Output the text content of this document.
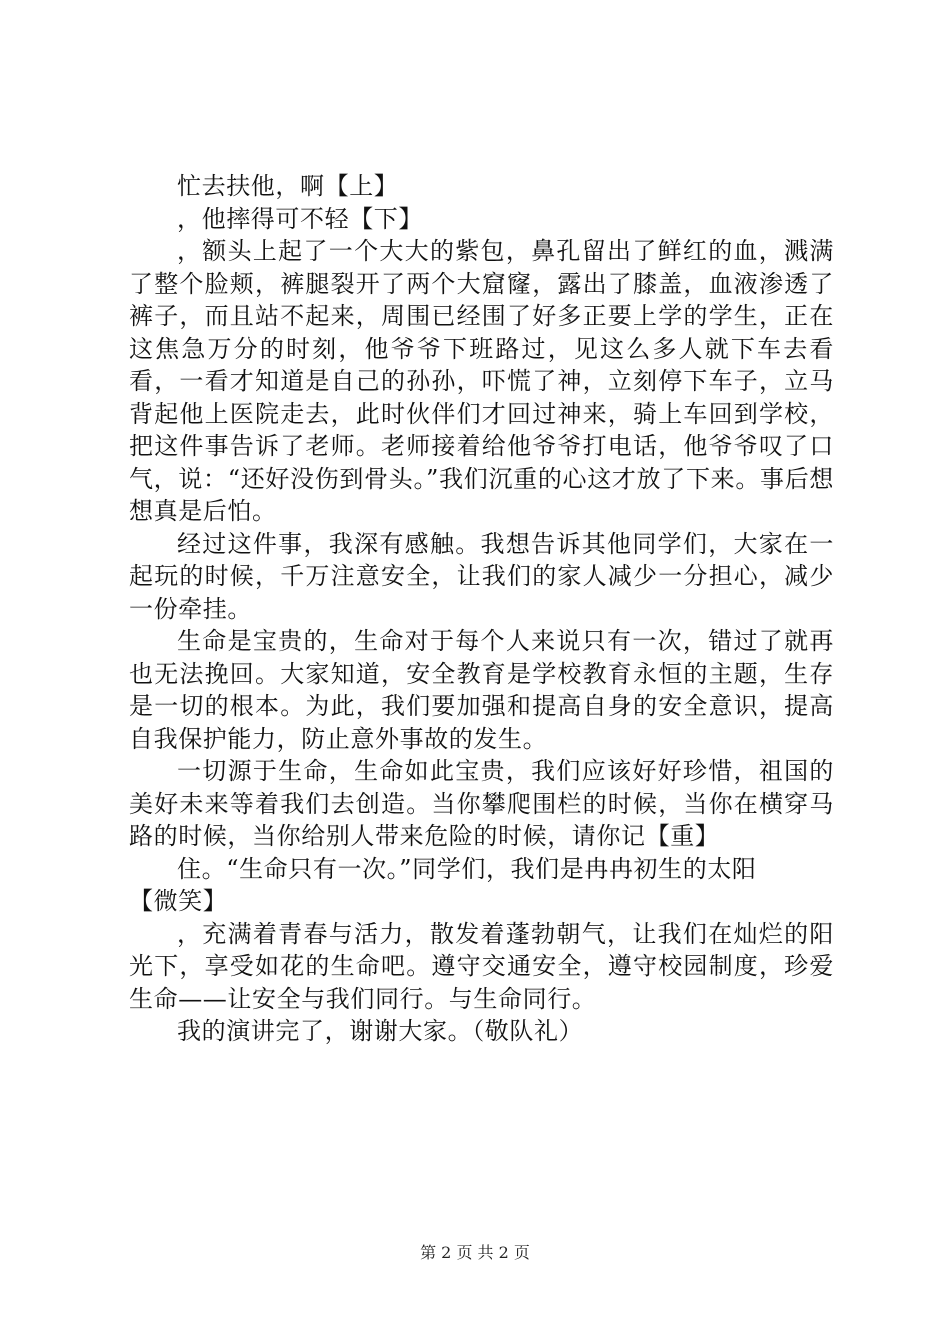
忙去扶他，啊【上】

，他摔得可不轻【下】

，额头上起了一个大大的紫包，鼻孔留出了鲜红的血，溅满了整个脸颊，裤腿裂开了两个大窟窿，露出了膝盖，血液渗透了裤子，而且站不起来，周围已经围了好多正要上学的学生，正在这焦急万分的时刻，他爷爷下班路过，见这么多人就下车去看看，一看才知道是自己的孙孙，吓慌了神，立刻停下车子，立马背起他上医院走去，此时伙伴们才回过神来，骑上车回到学校，把这件事告诉了老师。老师接着给他爷爷打电话，他爷爷叹了口气，说：“还好没伤到骨头。”我们沉重的心这才放了下来。事后想想真是后怕。

经过这件事，我深有感触。我想告诉其他同学们，大家在一起玩的时候，千万注意安全，让我们的家人减少一分担心，减少一份牵挂。

生命是宝贵的，生命对于每个人来说只有一次，错过了就再也无法挽回。大家知道，安全教育是学校教育永恒的主题，生存是一切的根本。为此，我们要加强和提高自身的安全意识，提高自我保护能力，防止意外事故的发生。

一切源于生命，生命如此宝贵，我们应该好好珍惜，祖国的美好未来等着我们去创造。当你攀爬围栏的时候，当你在横穿马路的时候，当你给别人带来危险的时候，请你记【重】

住。“生命只有一次。”同学们，我们是冉冉初生的太阳

【微笑】

，充满着青春与活力，散发着蓬勃朝气，让我们在灿烂的阳光下，享受如花的生命吧。遵守交通安全，遵守校园制度，珍爱生命——让安全与我们同行。与生命同行。

我的演讲完了，谢谢大家。（敬队礼）

第 2 页 共 2 页
